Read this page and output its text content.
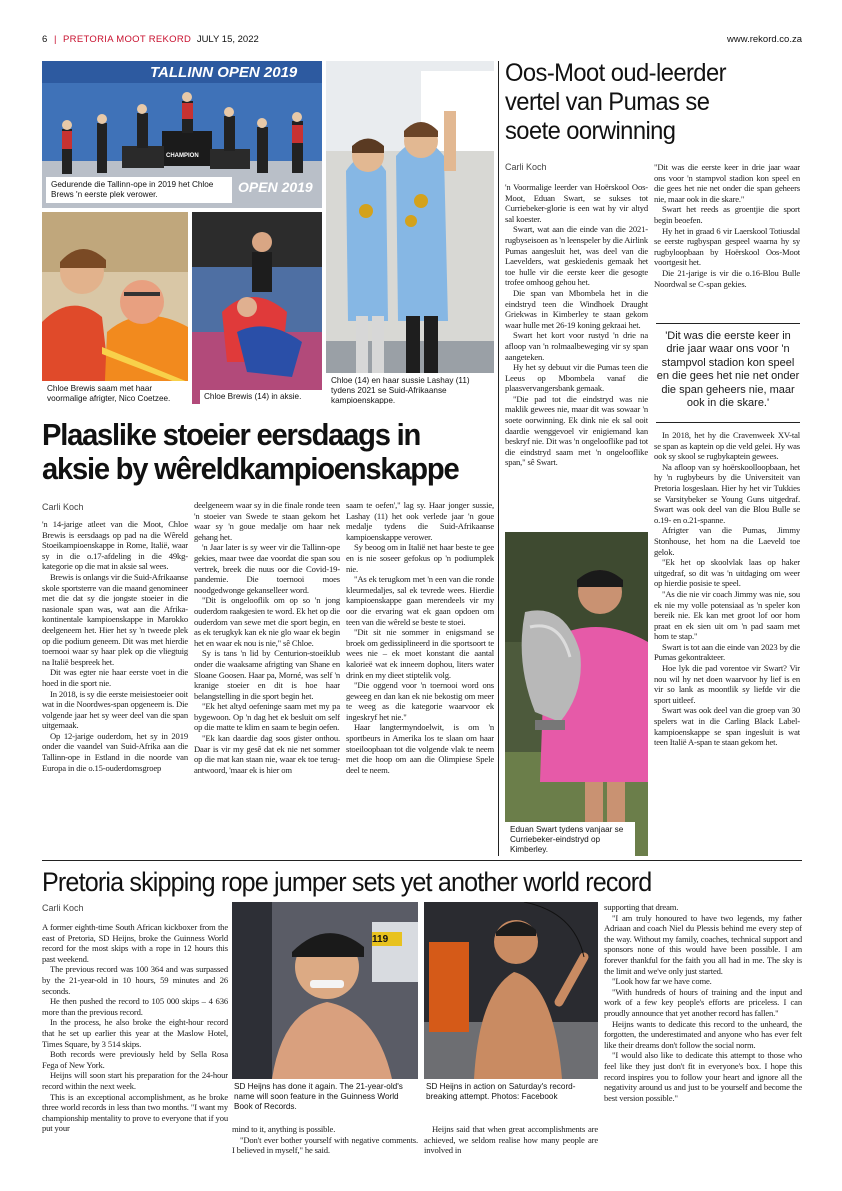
6 | PRETORIA MOOT REKORD JULY 15, 2022	www.rekord.co.za
TALLINN OPEN 2019
OPEN 2019
CHAMPION
Gedurende die Tallinn-ope in 2019 het Chloe Brews 'n eerste plek verower.
Chloe (14) en haar sussie Lashay (11) tydens 2021 se Suid-Afrikaanse kampioenskappe.
Chloe Brewis saam met haar voormalige afrigter, Nico Coetzee.	Chloe Brewis (14) in aksie.
Plaaslike stoeier eersdaags in
aksie by wêreldkampioenskappe
Carli Koch

'n 14-jarige atleet van die Moot, Chloe Brewis is eersdaags op pad na die Wêreld Stoeikampioenskappe in Rome, Italië, waar sy in die o.17-afdeling in die 49kg-kategorie op die mat in aksie sal wees.

Brewis is onlangs vir die Suid-Afrikaanse skole sportsterre van die maand genomineer met die dat sy die jongste stoeier in die nasionale span was, wat aan die Afrika-kontinentale kampioenskappe in Marokko deelgeneem het. Hier het sy 'n tweede plek op die podium geneem. Dit was met hierdie toernooi waar sy haar plek op die vliegtuig na Italië bespreek het.

Dit was egter nie haar eerste voet in die hoed in die sport nie.

In 2018, is sy die eerste meisiestoeier ooit wat in die Noordwes-span opgeneem is. Die volgende jaar het sy weer deel van die span uitgemaak.

Op 12-jarige ouderdom, het sy in 2019 onder die vaandel van Suid-Afrika aan die Tallinn-ope in Estland in die noorde van Europa in die o.15-ouderdomsgroep

deelgeneem waar sy in die finale ronde teen 'n stoeier van Swede te staan gekom het waar sy 'n goue medalje om haar nek gehang het.

'n Jaar later is sy weer vir die Tallinn-ope gekies, maar twee dae voordat die span sou vertrek, breek die nuus oor die Covid-19-pandemie. Die toernooi moes noodgedwonge gekanselleer word.

"Dit is ongelooflik om op so 'n jong ouderdom raakgesien te word. Ek het op die ouderdom van sewe met die sport begin, en as ek terugkyk kan ek nie glo waar ek begin het en waar ek nou is nie," sê Chloe.

Sy is tans 'n lid by Centurion-stoeiklub onder die waaksame afrigting van Shane en Sloane Goosen. Haar pa, Morné, was self 'n kranige stoeier en dit is hoe haar belangstelling in die sport begin het.

"Ek het altyd oefeninge saam met my pa bygewoon. Op 'n dag het ek besluit om self op die matte te klim en saam te begin oefen.

"Ek kan daardie dag soos gister onthou. Daar is vir my gesê dat ek nie net sommer op die mat kan staan nie, waar ek toe terug-antwoord, 'maar ek is hier om

saam te oefen'," lag sy. Haar jonger sussie, Lashay (11) het ook verlede jaar 'n goue medalje tydens die Suid-Afrikaanse kampioenskappe verower.

Sy beoog om in Italië net haar beste te gee en is nie soseer gefokus op 'n podiumplek nie.

"As ek terugkom met 'n een van die ronde kleurmedaljes, sal ek tevrede wees. Hierdie kampioenskappe gaan merendeels vir my oor die ervaring wat ek gaan opdoen om teen van die wêreld se beste te stoei.

"Dit sit nie sommer in enigsmand se broek om gedissiplineerd in die sportsoort te wees nie – ek moet konstant die aantal kalorieë wat ek inneem dophou, liters water drink en my dieet stiptelik volg.

"Die oggend voor 'n toernooi word ons geweeg en dan kan ek nie bekostig om meer te weeg as die kategorie waarvoor ek ingeskryf het nie."

Haar langtermyndoelwit, is om 'n sportbeurs in Amerika los te slaan om haar stoeiloopbaan tot die volgende vlak te neem met die hoop om aan die Olimpiese Spele deel te neem.

Oos-Moot oud-leerder
vertel van Pumas se
soete oorwinning
Carli Koch

'n Voormalige leerder van Hoërskool Oos-Moot, Eduan Swart, se sukses tot Curriebeker-glorie is een wat hy vir altyd sal koester.

Swart, wat aan die einde van die 2021-rugbyseisoen as 'n leenspeler by die Airlink Pumas aangesluit het, was deel van die Laevelders, wat geskiedenis gemaak het toe hulle vir die eerste keer die gesogte trofee omhoog gehou het.

Die span van Mbombela het in die eindstryd teen die Windhoek Draught Griekwas in Kimberley te staan gekom waar hulle met 26-19 koning gekraai het.

Swart het kort voor rustyd 'n drie na afloop van 'n rolmaalbeweging vir sy span aangeteken.

Hy het sy debuut vir die Pumas teen die Leeus op Mbombela vanaf die plaasvervangersbank gemaak.

"Die pad tot die eindstryd was nie maklik gewees nie, maar dit was sowaar 'n soete oorwinning. Ek dink nie ek sal ooit daardie wenggevoel vir enigiemand kan beskryf nie. Dit was 'n ongelooflike pad tot die eindstryd saam met 'n ongelooflike span," sê Swart.

"Dit was die eerste keer in drie jaar waar ons voor 'n stampvol stadion kon speel en die gees het nie net onder die span geheers nie, maar ook in die skare."

Swart het reeds as groentjie die sport begin beoefen.

Hy het in graad 6 vir Laerskool Totiusdal se eerste rugbyspan gespeel waarna hy sy rugbyloopbaan by Hoërskool Oos-Moot voortgesit het.

Die 21-jarige is vir die o.16-Blou Bulle Noordwal se C-span gekies.

'Dit was die eerste keer in drie jaar waar ons voor 'n stampvol stadion kon speel en die gees het nie net onder die span geheers nie, maar ook in die skare.'

In 2018, het hy die Cravenweek XV-tal se span as kaptein op die veld gelei. Hy was ook sy skool se rugbykaptein gewees.

Na afloop van sy hoërskoolloopbaan, het hy 'n rugbybeurs by die Universiteit van Pretoria losgeslaan. Hier hy het vir Tukkies se Varsitybeker se Young Guns uitgedraf. Swart was ook deel van die Blou Bulle se o.19- en o.21-spanne.

Afrigter van die Pumas, Jimmy Stonhouse, het hom na die Laeveld toe gelok.

"Ek het op skoolvlak laas op haker uitgedraf, so dit was 'n uitdaging om weer op hierdie posisie te speel.

"As die nie vir coach Jimmy was nie, sou ek nie my volle potensiaal as 'n speler kon bereik nie. Ek kan met groot lof oor hom praat en ek sien uit om 'n pad saam met hom te stap."

Swart is tot aan die einde van 2023 by die Pumas gekontrakteer.

Hoe lyk die pad vorentoe vir Swart? Vir nou wil hy net doen waarvoor hy lief is en vir so lank as moontlik sy liefde vir die sport uitleef.

Swart was ook deel van die groep van 30 spelers wat in die Carling Black Label-kampioenskappe se span ingesluit is wat teen Italië A-span te staan gekom het.

Eduan Swart tydens vanjaar se Curriebeker-eindstryd op Kimberley.
Pretoria skipping rope jumper sets yet another world record
Carli Koch

A former eighth-time South African kickboxer from the east of Pretoria, SD Heijns, broke the Guinness World record for the most skips with a rope in 12 hours this past weekend.

The previous record was 100 364 and was surpassed by the 21-year-old in 10 hours, 59 minutes and 26 seconds.

He then pushed the record to 105 000 skips – 4 636 more than the previous record.

In the process, he also broke the eight-hour record that he set up earlier this year at the Maslow Hotel, Times Square, by 3 514 skips.

Both records were previously held by Sella Rosa Fega of New York.

Heijns will soon start his preparation for the 24-hour record within the next week.

This is an exceptional accomplishment, as he broke three world records in less than two months. "I want my championship mentality to prove to everyone that if you put your

119
SD Heijns has done it again. The 21-year-old's name will soon feature in the Guinness World Book of Records.
SD Heijns in action on Saturday's record-breaking attempt. Photos: Facebook

mind to it, anything is possible.

"Don't ever bother yourself with negative comments. I believed in myself," he said.

Heijns said that when great accomplishments are achieved, we seldom realise how many people are involved in

supporting that dream.

"I am truly honoured to have two legends, my father Adriaan and coach Niel du Plessis behind me every step of the way. Without my family, coaches, technical support and sponsors none of this would have been possible. I am forever thankful for the faith you all had in me. The sky is the limit and we've only just started.

"Look how far we have come.

"With hundreds of hours of training and the input and work of a few key people's efforts are priceless. I can proudly announce that yet another record has fallen."

Heijns wants to dedicate this record to the unheard, the forgotten, the underestimated and anyone who has ever felt like their dreams don't follow the social norm.

"I would also like to dedicate this attempt to those who feel like they just don't fit in everyone's box. I hope this record inspires you to follow your heart and ignore all the negativity around us and just to be yourself and become the best version possible."
